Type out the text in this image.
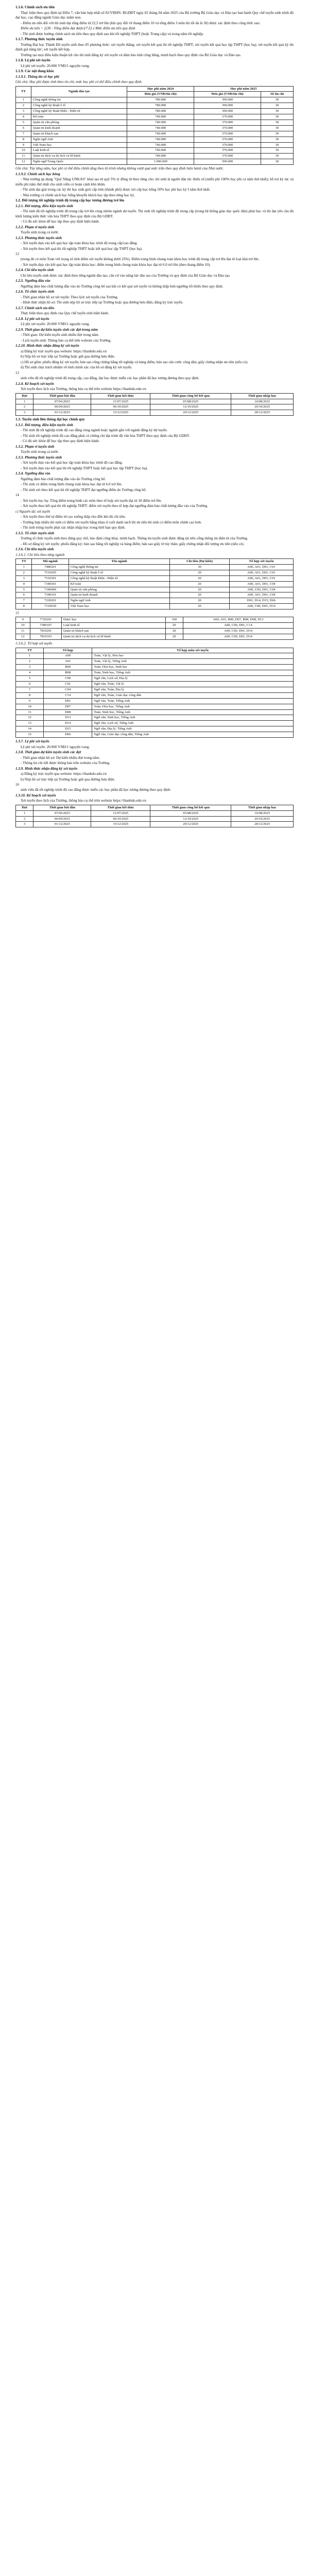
1.1.6. Chính sách ưu tiên

Thực hiện theo quy định tại Điều 7, văn bản hợp nhất số 02/VBHN- BGDĐT ngày 02 tháng 04 năm 2025 của Bộ trưởng Bộ Giáo dục và Đào tạo ban hành Quy chế tuyển sinh trình độ đại học, cao đẳng ngành Giáo dục mầm non.

- Điểm ưu tiên đối với thí sinh đạt tổng điểm từ 22,5 trở lên (khi quy đổi về thang điểm 10 và tổng điểm 3 môn thi tối đa là 30) được xác định theo công thức sau:

Điểm ưu tiên = [(30 - Tổng điểm đạt được)/7,5] x Mức điểm ưu tiên quy định

- Thí sinh được hưởng chính sách ưu tiên theo quy định sau khi tốt nghiệp THPT (hoặc Trung cấp) và trong năm tốt nghiệp.

1.1.7. Phương thức tuyển sinh

Trường Đại học Thành Đô tuyển sinh theo 05 phương thức: xét tuyển thẳng; xét tuyển kết quả thi tốt nghiệp THPT; xét tuyển kết quả học tập THPT (học bạ); xét tuyển kết quả kỳ thi đánh giá năng lực; xét tuyển kết hợp.

Trường tạo mọi điều kiện thuận lợi cho thí sinh đăng ký xét tuyển và đảm bảo tính công bằng, minh bạch theo quy định của Bộ Giáo dục và Đào tạo.

1.1.8. Lệ phí xét tuyển

Lệ phí xét tuyển: 20.000 VNĐ/1 nguyện vọng.

1.1.9. Các nội dung khác

1.1.9.1. Thông tin về học phí

Ghi chú: Học phí được tính theo tín chỉ, mức học phí có thể điều chỉnh theo quy định.

TT	Ngành đào tạo	Học phí năm 2024	Học phí năm 2025	
		Đơn giá (VNĐ/tín chỉ)	Đơn giá (VNĐ/tín chỉ)	Số tín chỉ
1	Công nghệ thông tin	780.000	390.000	30
2	Công nghệ kỹ thuật ô tô	780.000	390.000	30
3	Công nghệ kỹ thuật Điện - Điện tử	780.000	390.000	30
4	Kế toán	740.000	370.000	30
5	Quản trị văn phòng	740.000	370.000	30
6	Quản trị kinh doanh	740.000	370.000	30
7	Quản trị khách sạn	740.000	370.000	30
8	Ngôn ngữ Anh	740.000	370.000	30
9	Việt Nam học	740.000	370.000	30
10	Luật kinh tế	740.000	370.000	30
11	Quản trị dịch vụ du lịch và lữ hành	740.000	370.000	30
12	Ngôn ngữ Trung Quốc	1.000.000	500.000	30

Ghi chú: Tùy từng năm, học phí có thể điều chỉnh tăng theo lộ trình nhưng không vượt quá mức trần theo quy định hiện hành của Nhà nước.

1.1.9.2. Chính sách học bổng

- Nhà trường áp dụng "Quỹ Nâng UNKAS" khai tạo từ quỹ 5% tỷ đồng từ theo từng cho: thí sinh là người dân tộc thiểu số (miễn phí 100% học phí cả năm thứ nhất); hỗ trợ ký túc xá miễn phí năm thứ nhất cho sinh viên có hoàn cảnh khó khăn.

- Thí sinh đạt giải trong các kỳ thi học sinh giỏi cấp tỉnh (thành phố) được xét cấp học bổng 50% học phí học kỳ I năm thứ nhất.

- Nhà trường có chính sách học bổng khuyến khích học tập theo từng học kỳ.

1.2. Đối tượng tốt nghiệp trình độ trung cấp học tương đương trở lên

1.2.1. Đối tượng, điều kiện tuyển sinh

- Thí sinh đã tốt nghiệp trình độ trung cấp trở lên cùng nhóm ngành dự tuyển. Thí sinh tốt nghiệp trình độ trung cấp (trong hệ thống giáo dục quốc dân) phải học và thi đạt yêu cầu đủ khối lượng kiến thức văn hóa THPT theo quy định của Bộ GDĐT.

- Có đủ sức khỏe để học tập theo quy định hiện hành.

1.2.2. Phạm vi tuyển sinh

Tuyển sinh trong cả nước.

1.2.3. Phương thức tuyển sinh

- Xét tuyển dựa vào kết quả học tập toàn khóa học trình độ trung cấp/cao đẳng.

- Xét tuyển theo kết quả thi tốt nghiệp THPT hoặc kết quả học tập THPT (học bạ).

12

(trong đó có môn Toán với trọng số tính điểm xét tuyển không dưới 25%). Điểm trung bình chung toàn khóa học trình độ trung cấp trở lên đạt từ loại khá trở lên.

- Xét tuyển dựa vào kết quả học tập toàn khóa học: điểm trung bình chung toàn khóa học đạt từ 6.0 trở lên (theo thang điểm 10).

1.2.4. Chỉ tiêu tuyển sinh

Chỉ tiêu tuyển sinh được xác định theo từng ngành đào tạo, căn cứ vào năng lực đào tạo của Trường và quy định của Bộ Giáo dục và Đào tạo.

1.2.5. Ngưỡng đầu vào

Ngưỡng đảm bảo chất lượng đầu vào do Trường công bố sau khi có kết quả xét tuyển và không thấp hơn ngưỡng tối thiểu theo quy định.

1.2.6. Tổ chức tuyển sinh

- Thời gian nhận hồ sơ xét tuyển: Theo lịch xét tuyển của Trường.

- Hình thức nhận hồ sơ: Thí sinh nộp hồ sơ trực tiếp tại Trường hoặc qua đường bưu điện, đăng ký trực tuyến.

1.2.7. Chính sách ưu tiên

Thực hiện theo quy định của Quy chế tuyển sinh hiện hành.

1.2.8. Lệ phí xét tuyển

Lệ phí xét tuyển: 20.000 VNĐ/1 nguyện vọng.

1.2.9. Thời gian dự kiến tuyển sinh các đợt trong năm

- Thời gian: Dự kiến tuyển sinh nhiều đợt trong năm.

- Lịch tuyển sinh: Thông báo cụ thể trên website của Trường.

1.2.10. Hình thức nhận đăng ký xét tuyển

a) Đăng ký trực tuyến qua website: https://thanhdo.edu.vn

b) Nộp hồ sơ trực tiếp tại Trường hoặc gửi qua đường bưu điện.

c) Hồ sơ gồm: phiếu đăng ký xét tuyển; bản sao công chứng bằng tốt nghiệp và bảng điểm; bản sao căn cước công dân; giấy chứng nhận ưu tiên (nếu có).

d) Thí sinh chịu trách nhiệm về tính chính xác của hồ sơ đăng ký xét tuyển.

13

sinh viên đã tốt nghiệp trình độ trung cấp, cao đẳng, đại học được miễn các học phần đã học tương đương theo quy định.

1.2.4. Kế hoạch xét tuyển

Xét tuyển theo lịch của Trường, thông báo cụ thể trên website https://thanhdo.edu.vn

Đợt	Thời gian bắt đầu	Thời gian kết thúc	Thời gian công bố kết quả	Thời gian nhập học
1	07/06/2025	31/07/2025	05/08/2025	10/08/2025
2	06/09/2025	06/10/2025	12/10/2025	20/10/2025
3	01/12/2025	15/12/2025	20/12/2025	28/12/2025

1.3. Tuyển sinh liên thông đại học chính quy

1.3.1. Đối tượng, điều kiện tuyển sinh

- Thí sinh đã tốt nghiệp trình độ cao đẳng cùng ngành hoặc ngành gần với ngành đăng ký dự tuyển.

- Thí sinh tốt nghiệp trình độ cao đẳng phải có chứng chỉ đạt trình độ văn hóa THPT theo quy định của Bộ GDĐT.

- Có đủ sức khỏe để học tập theo quy định hiện hành.

1.3.2. Phạm vi tuyển sinh

Tuyển sinh trong cả nước.

1.3.3. Phương thức tuyển sinh

- Xét tuyển dựa vào kết quả học tập toàn khóa học trình độ cao đẳng.

- Xét tuyển dựa vào kết quả thi tốt nghiệp THPT hoặc kết quả học tập THPT (học bạ).

1.3.4. Ngưỡng đầu vào

Ngưỡng đảm bảo chất lượng đầu vào do Trường công bố.

- Thí sinh có điểm trung bình chung toàn khóa học đạt từ 6.0 trở lên.

- Thí sinh xét theo kết quả thi tốt nghiệp THPT đạt ngưỡng điểm do Trường công bố.

14

- Xét tuyển học bạ: Tổng điểm trung bình các môn theo tổ hợp xét tuyển đạt từ 18 điểm trở lên.

- Xét tuyển theo kết quả thi tốt nghiệp THPT: điểm xét tuyển theo tổ hợp đạt ngưỡng đảm bảo chất lượng đầu vào của Trường.

c) Nguyên tắc xét tuyển

- Xét tuyển theo thứ tự điểm từ cao xuống thấp cho đến khi đủ chỉ tiêu.

- Trường hợp nhiều thí sinh có điểm xét tuyển bằng nhau ở cuối danh sách thì ưu tiên thí sinh có điểm môn chính cao hơn.

- Thí sinh trúng tuyển phải xác nhận nhập học trong thời hạn quy định.

1.3.5. Tổ chức tuyển sinh

Trường tổ chức tuyển sinh theo đúng quy chế, bảo đảm công khai, minh bạch. Thông tin tuyển sinh được đăng tải trên cổng thông tin điện tử của Trường.

- Hồ sơ đăng ký xét tuyển: phiếu đăng ký; bản sao bằng tốt nghiệp và bảng điểm; bản sao giấy tờ tùy thân; giấy chứng nhận đối tượng ưu tiên (nếu có).

1.3.6. Chỉ tiêu tuyển sinh

1.3.6.1. Chỉ tiêu theo từng ngành

TT	Mã ngành	Tên ngành	Chỉ tiêu (Dự kiến)	Tổ hợp xét tuyển
1	7480201	Công nghệ thông tin	30	A00, A01, D01, C01
2	7510205	Công nghệ kỹ thuật ô tô	20	A00, A01, D01, C01
3	7510301	Công nghệ kỹ thuật Điện - Điện tử	20	A00, A01, D01, C01
4	7340301	Kế toán	20	A00, A01, D01, C04
5	7340406	Quản trị văn phòng	20	A00, C00, D01, C04
6	7340101	Quản trị kinh doanh	20	A00, A01, D01, C04
7	7220201	Ngôn ngữ Anh	20	D01, D14, D15, D66
8	7310630	Việt Nam học	20	A00, C00, D01, D14

15

9	7720201	Dược học	160	A00, A01, B00, D07, B08, D08, D13
10	7380107	Luật kinh tế	20	A00, C00, D01, C14
11	7810201	Quản trị khách sạn	20	A00, C00, D01, D14
12	7810103	Quản trị dịch vụ du lịch và lữ hành	20	A00, C00, D01, D14

1.3.6.2. Tổ hợp xét tuyển

TT	Tổ hợp	Tổ hợp môn xét tuyển
1	A00	Toán, Vật lý, Hóa học
2	A01	Toán, Vật lý, Tiếng Anh
3	B00	Toán, Hóa học, Sinh học
4	B08	Toán, Sinh học, Tiếng Anh
5	C00	Ngữ văn, Lịch sử, Địa lý
6	C01	Ngữ văn, Toán, Vật lý
7	C04	Ngữ văn, Toán, Địa lý
8	C14	Ngữ văn, Toán, Giáo dục công dân
9	D01	Ngữ văn, Toán, Tiếng Anh
10	D07	Toán, Hóa học, Tiếng Anh
11	D08	Toán, Sinh học, Tiếng Anh
12	D13	Ngữ văn, Sinh học, Tiếng Anh
13	D14	Ngữ văn, Lịch sử, Tiếng Anh
14	D15	Ngữ văn, Địa lý, Tiếng Anh
15	D66	Ngữ văn, Giáo dục công dân, Tiếng Anh

1.3.7. Lệ phí xét tuyển

Lệ phí xét tuyển: 20.000 VNĐ/1 nguyện vọng.

1.3.8. Thời gian dự kiến tuyển sinh các đợt

- Thời gian nhận hồ sơ: Dự kiến nhiều đợt trong năm.

- Thông tin chi tiết được thông báo trên website của Trường.

1.3.9. Hình thức nhận đăng ký xét tuyển

a) Đăng ký trực tuyến qua website: https://thanhdo.edu.vn

b) Nộp hồ sơ trực tiếp tại Trường hoặc gửi qua đường bưu điện.

16

sinh viên đã tốt nghiệp trình độ cao đẳng được miễn các học phần đã học tương đương theo quy định.

1.3.10. Kế hoạch xét tuyển

Xét tuyển theo lịch của Trường, thông báo cụ thể trên website https://thanhdo.edu.vn

Đợt	Thời gian bắt đầu	Thời gian kết thúc	Thời gian công bố kết quả	Thời gian nhập học
1	07/06/2025	31/07/2025	05/08/2025	10/08/2025
2	06/09/2025	06/10/2025	12/10/2025	20/10/2025
3	01/12/2025	15/12/2025	20/12/2025	28/12/2025
